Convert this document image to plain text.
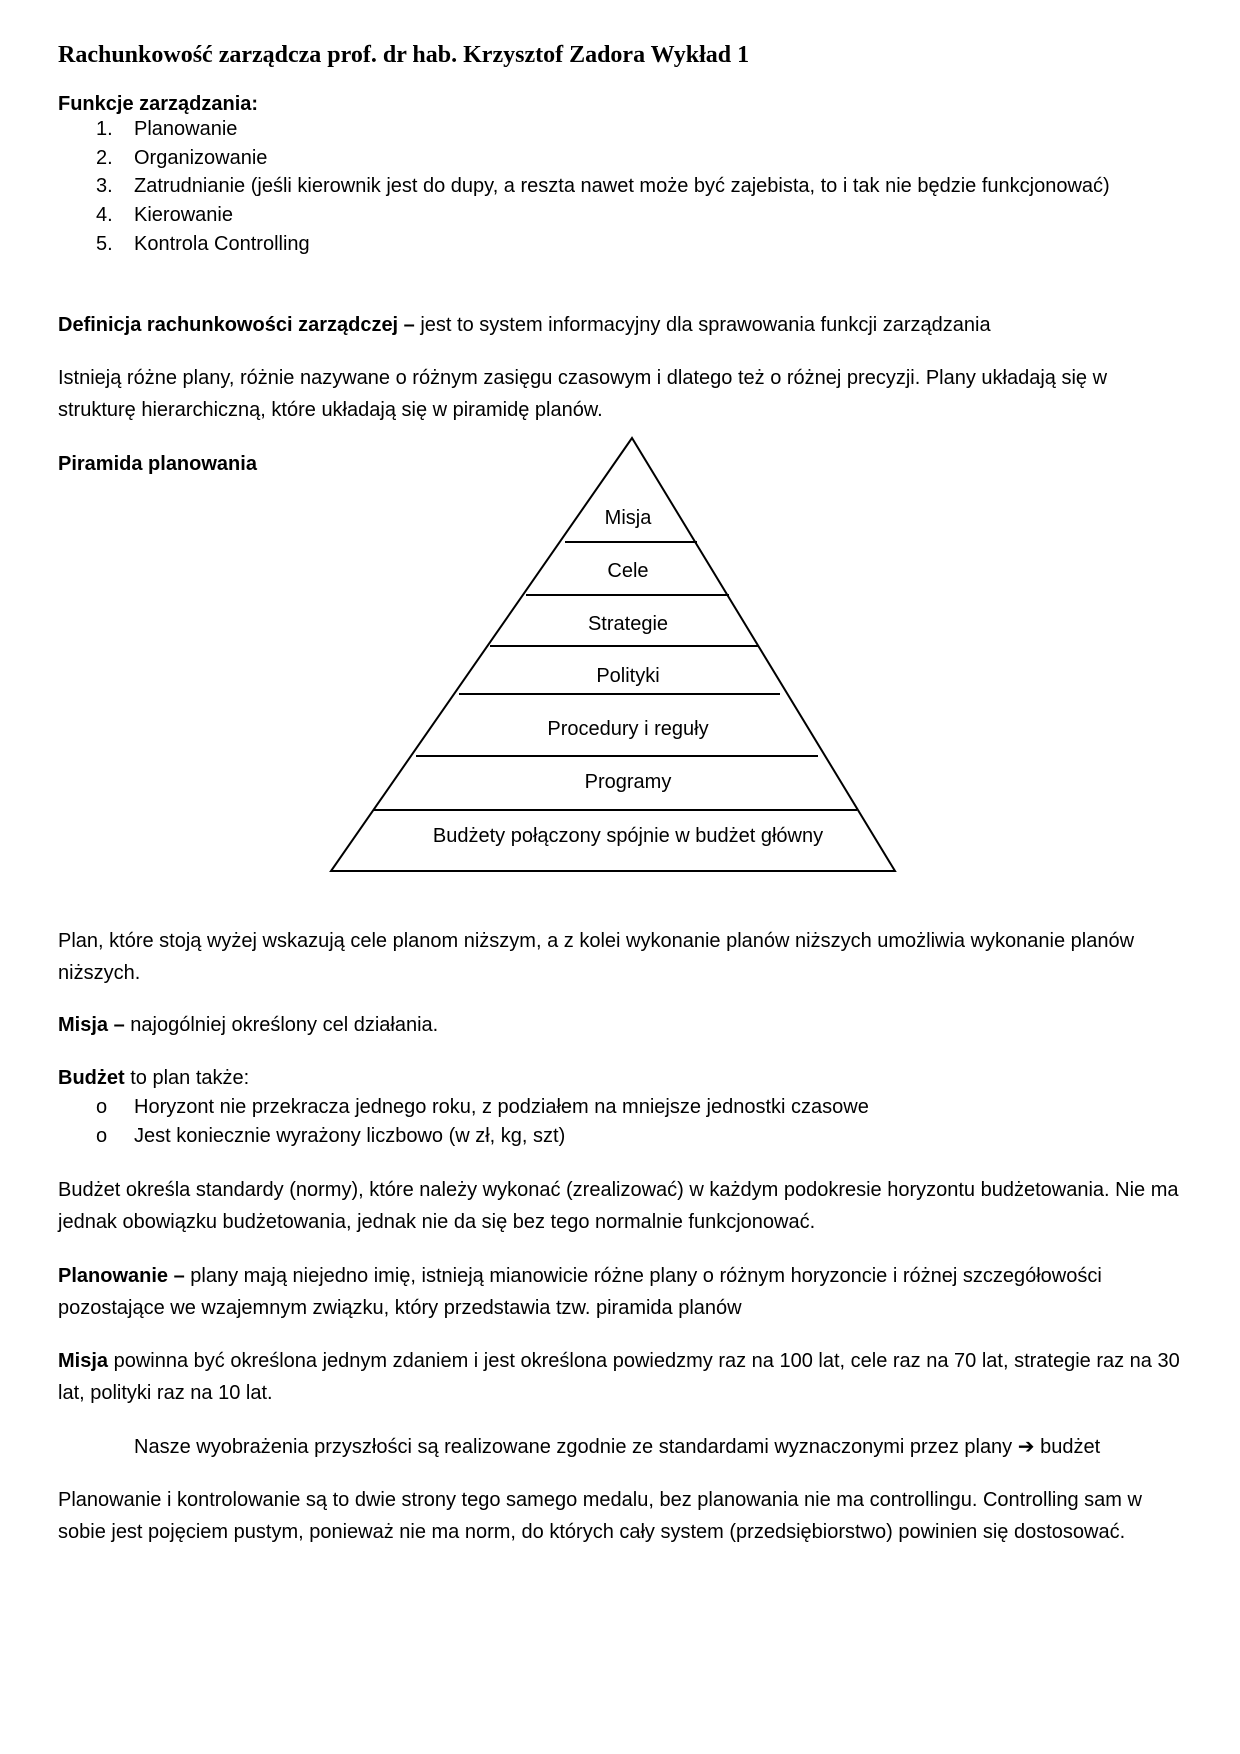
Rachunkowość zarządcza prof. dr hab. Krzysztof Zadora Wykład 1
Funkcje zarządzania:
1. Planowanie
2. Organizowanie
3. Zatrudnianie (jeśli kierownik jest do dupy, a reszta nawet może być zajebista, to i tak nie będzie funkcjonować)
4. Kierowanie
5. Kontrola Controlling

Definicja rachunkowości zarządczej – jest to system informacyjny dla sprawowania funkcji zarządzania

Istnieją różne plany, różnie nazywane o różnym zasięgu czasowym i dlatego też o różnej precyzji. Plany układają się w strukturę hierarchiczną, które układają się w piramidę planów.

Piramida planowania
Misja
Cele
Strategie
Polityki
Procedury i reguły
Programy
Budżety połączony spójnie w budżet główny

Plan, które stoją wyżej wskazują cele planom niższym, a z kolei wykonanie planów niższych umożliwia wykonanie planów niższych.

Misja – najogólniej określony cel działania.

Budżet to plan także:

o Horyzont nie przekracza jednego roku, z podziałem na mniejsze jednostki czasowe
o Jest koniecznie wyrażony liczbowo (w zł, kg, szt)

Budżet określa standardy (normy), które należy wykonać (zrealizować) w każdym podokresie horyzontu budżetowania. Nie ma jednak obowiązku budżetowania, jednak nie da się bez tego normalnie funkcjonować.

Planowanie – plany mają niejedno imię, istnieją mianowicie różne plany o różnym horyzoncie i różnej szczegółowości pozostające we wzajemnym związku, który przedstawia tzw. piramida planów

Misja powinna być określona jednym zdaniem i jest określona powiedzmy raz na 100 lat, cele raz na 70 lat, strategie raz na 30 lat, polityki raz na 10 lat.

Nasze wyobrażenia przyszłości są realizowane zgodnie ze standardami wyznaczonymi przez plany ➔ budżet

Planowanie i kontrolowanie są to dwie strony tego samego medalu, bez planowania nie ma controllingu. Controlling sam w sobie jest pojęciem pustym, ponieważ nie ma norm, do których cały system (przedsiębiorstwo) powinien się dostosować.
